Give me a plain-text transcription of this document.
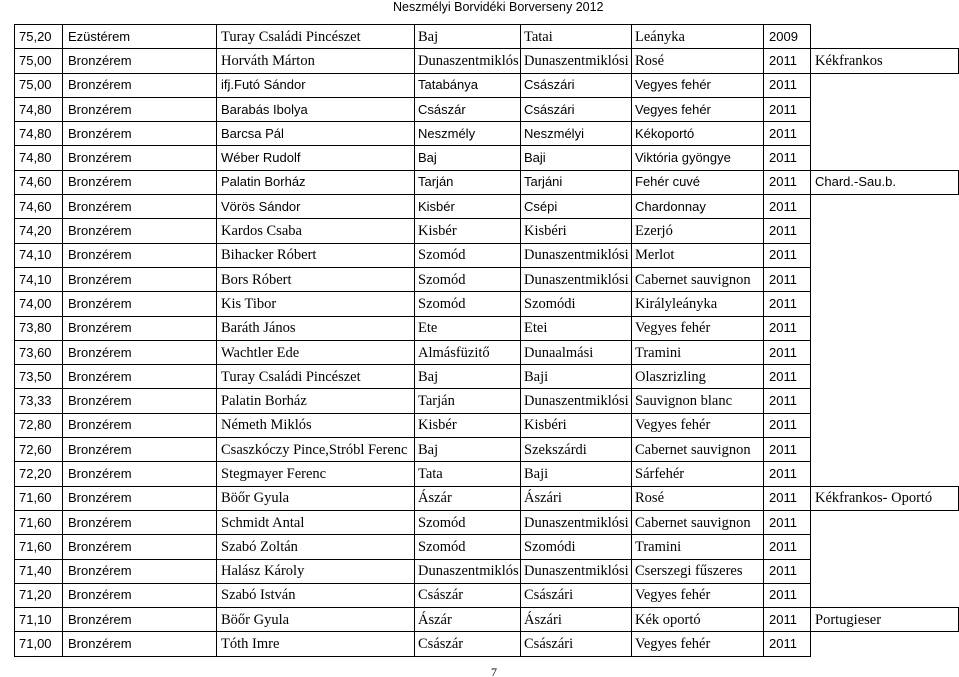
Neszmélyi Borvidéki Borverseny 2012
75,20	Ezüstérem	Turay Családi Pincészet	Baj	Tatai	Leányka	2009	
75,00	Bronzérem	Horváth Márton	Dunaszentmiklós	Dunaszentmiklósi	Rosé	2011	Kékfrankos
75,00	Bronzérem	ifj.Futó Sándor	Tatabánya	Császári	Vegyes fehér	2011	
74,80	Bronzérem	Barabás Ibolya	Császár	Császári	Vegyes fehér	2011	
74,80	Bronzérem	Barcsa Pál	Neszmély	Neszmélyi	Kékoportó	2011	
74,80	Bronzérem	Wéber Rudolf	Baj	Baji	Viktória gyöngye	2011	
74,60	Bronzérem	Palatin Borház	Tarján	Tarjáni	Fehér cuvé	2011	Chard.-Sau.b.
74,60	Bronzérem	Vörös Sándor	Kisbér	Csépi	Chardonnay	2011	
74,20	Bronzérem	Kardos Csaba	Kisbér	Kisbéri	Ezerjó	2011	
74,10	Bronzérem	Bihacker Róbert	Szomód	Dunaszentmiklósi	Merlot	2011	
74,10	Bronzérem	Bors Róbert	Szomód	Dunaszentmiklósi	Cabernet sauvignon	2011	
74,00	Bronzérem	Kis Tibor	Szomód	Szomódi	Királyleányka	2011	
73,80	Bronzérem	Baráth János	Ete	Etei	Vegyes fehér	2011	
73,60	Bronzérem	Wachtler Ede	Almásfüzitő	Dunaalmási	Tramini	2011	
73,50	Bronzérem	Turay Családi Pincészet	Baj	Baji	Olaszrizling	2011	
73,33	Bronzérem	Palatin Borház	Tarján	Dunaszentmiklósi	Sauvignon blanc	2011	
72,80	Bronzérem	Németh Miklós	Kisbér	Kisbéri	Vegyes fehér	2011	
72,60	Bronzérem	Csaszkóczy Pince,Stróbl Ferenc	Baj	Szekszárdi	Cabernet sauvignon	2011	
72,20	Bronzérem	Stegmayer Ferenc	Tata	Baji	Sárfehér	2011	
71,60	Bronzérem	Böőr Gyula	Ászár	Ászári	Rosé	2011	Kékfrankos- Oportó
71,60	Bronzérem	Schmidt Antal	Szomód	Dunaszentmiklósi	Cabernet sauvignon	2011	
71,60	Bronzérem	Szabó Zoltán	Szomód	Szomódi	Tramini	2011	
71,40	Bronzérem	Halász Károly	Dunaszentmiklós	Dunaszentmiklósi	Cserszegi fűszeres	2011	
71,20	Bronzérem	Szabó István	Császár	Császári	Vegyes fehér	2011	
71,10	Bronzérem	Böőr Gyula	Ászár	Ászári	Kék oportó	2011	Portugieser
71,00	Bronzérem	Tóth Imre	Császár	Császári	Vegyes fehér	2011	
7
